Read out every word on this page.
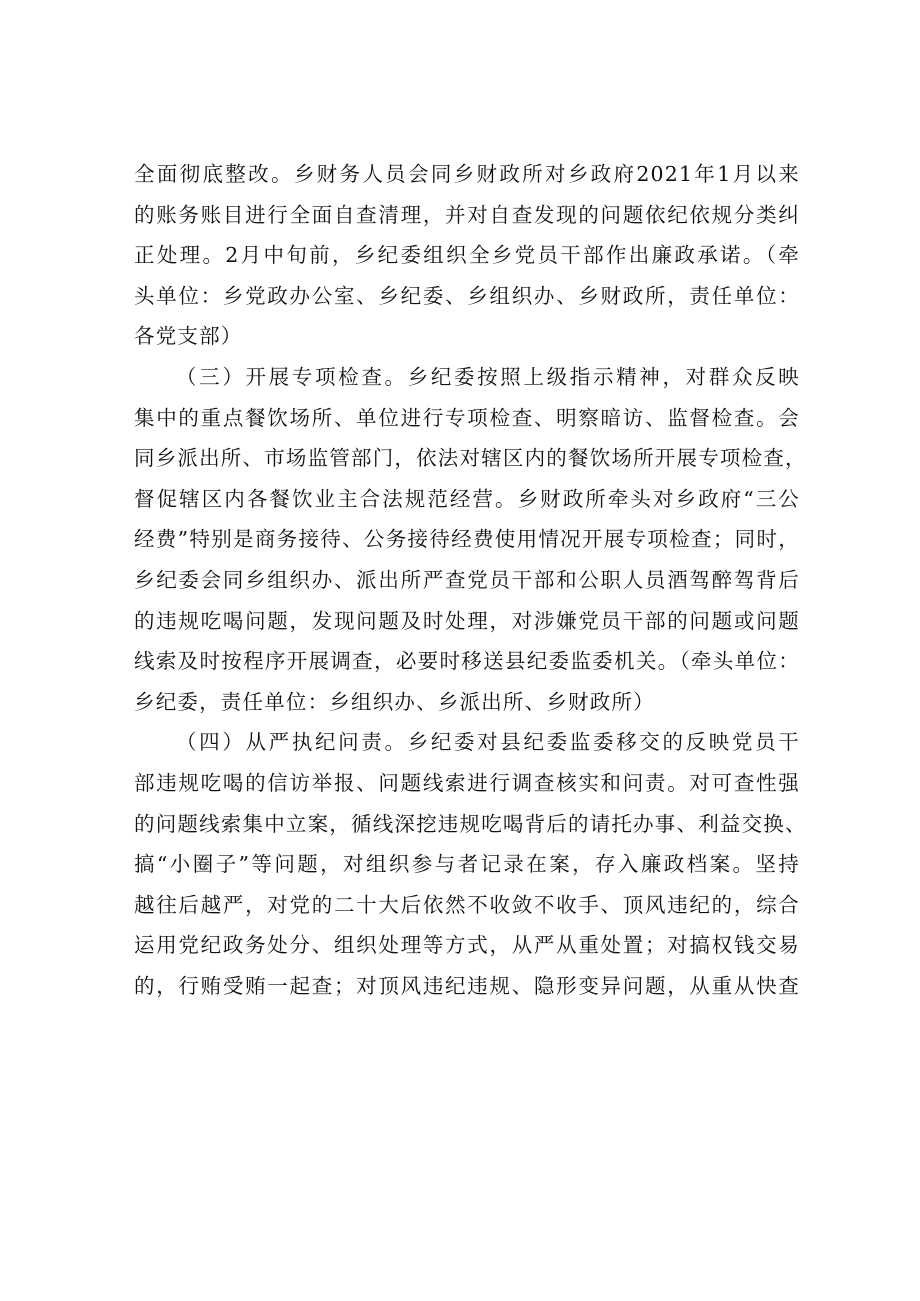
全面彻底整改。乡财务人员会同乡财政所对乡政府2021年1月以来
的账务账目进行全面自查清理，并对自查发现的问题依纪依规分类纠
正处理。2月中旬前，乡纪委组织全乡党员干部作出廉政承诺。（牵
头单位：乡党政办公室、乡纪委、乡组织办、乡财政所，责任单位：
各党支部）
（三）开展专项检查。乡纪委按照上级指示精神，对群众反映
集中的重点餐饮场所、单位进行专项检查、明察暗访、监督检查。会
同乡派出所、市场监管部门，依法对辖区内的餐饮场所开展专项检查，
督促辖区内各餐饮业主合法规范经营。乡财政所牵头对乡政府“三公
经费”特别是商务接待、公务接待经费使用情况开展专项检查；同时，
乡纪委会同乡组织办、派出所严查党员干部和公职人员酒驾醉驾背后
的违规吃喝问题，发现问题及时处理，对涉嫌党员干部的问题或问题
线索及时按程序开展调查，必要时移送县纪委监委机关。（牵头单位：
乡纪委，责任单位：乡组织办、乡派出所、乡财政所）
（四）从严执纪问责。乡纪委对县纪委监委移交的反映党员干
部违规吃喝的信访举报、问题线索进行调查核实和问责。对可查性强
的问题线索集中立案，循线深挖违规吃喝背后的请托办事、利益交换、
搞“小圈子”等问题，对组织参与者记录在案，存入廉政档案。坚持
越往后越严，对党的二十大后依然不收敛不收手、顶风违纪的，综合
运用党纪政务处分、组织处理等方式，从严从重处置；对搞权钱交易
的，行贿受贿一起查；对顶风违纪违规、隐形变异问题，从重从快查
